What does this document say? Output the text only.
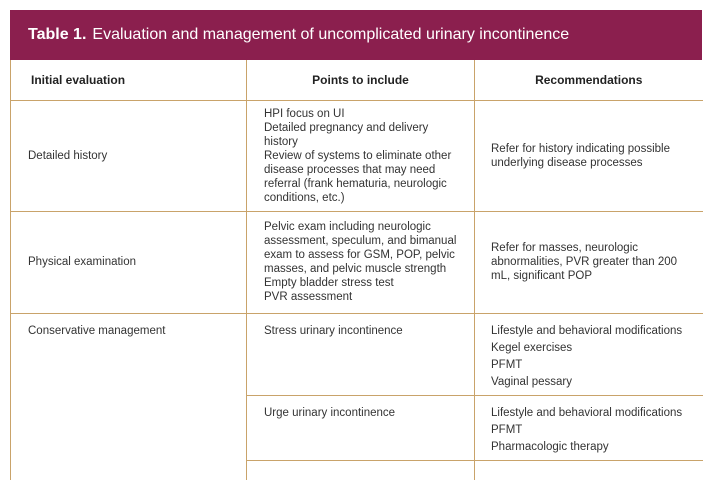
Table 1. Evaluation and management of uncomplicated urinary incontinence
Initial evaluation	Points to include	Recommendations
Detailed history	HPI focus on UI
Detailed pregnancy and delivery history
Review of systems to eliminate other disease processes that may need referral (frank hematuria, neurologic conditions, etc.)	Refer for history indicating possible underlying disease processes

Physical examination	Pelvic exam including neurologic assessment, speculum, and bimanual exam to assess for GSM, POP, pelvic masses, and pelvic muscle strength
Empty bladder stress test
PVR assessment	Refer for masses, neurologic abnormalities, PVR greater than 200 mL, significant POP

Conservative management	Stress urinary incontinence	Lifestyle and behavioral modifications
Kegel exercises
PFMT
Vaginal pessary

	Urge urinary incontinence	Lifestyle and behavioral modifications
PFMT
Pharmacologic therapy
